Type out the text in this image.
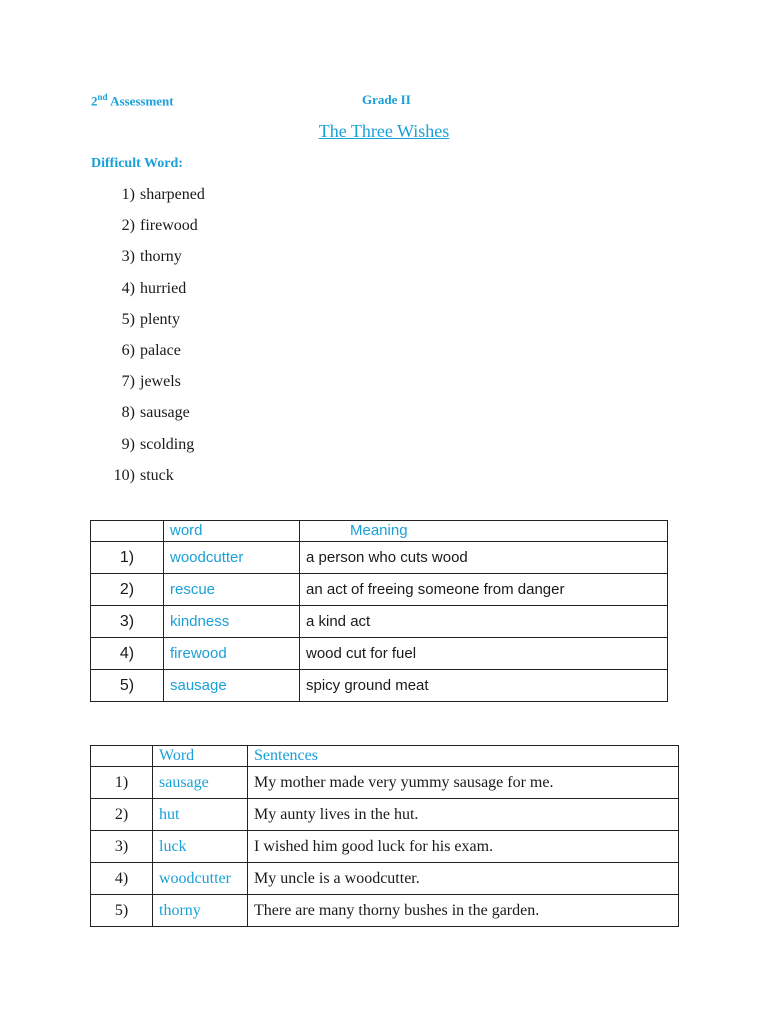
2nd Assessment	Grade II
The Three Wishes
Difficult Word:
1) sharpened
2) firewood
3) thorny
4) hurried
5) plenty
6) palace
7) jewels
8) sausage
9) scolding
10) stuck
	word	Meaning
1)	woodcutter	a person who cuts wood
2)	rescue	an act of freeing someone from danger
3)	kindness	a kind act
4)	firewood	wood cut for fuel
5)	sausage	spicy ground meat
	Word	Sentences
1)	sausage	My mother made very yummy sausage for me.
2)	hut	My aunty lives in the hut.
3)	luck	I wished him good luck for his exam.
4)	woodcutter	My uncle is a woodcutter.
5)	thorny	There are many thorny bushes in the garden.
